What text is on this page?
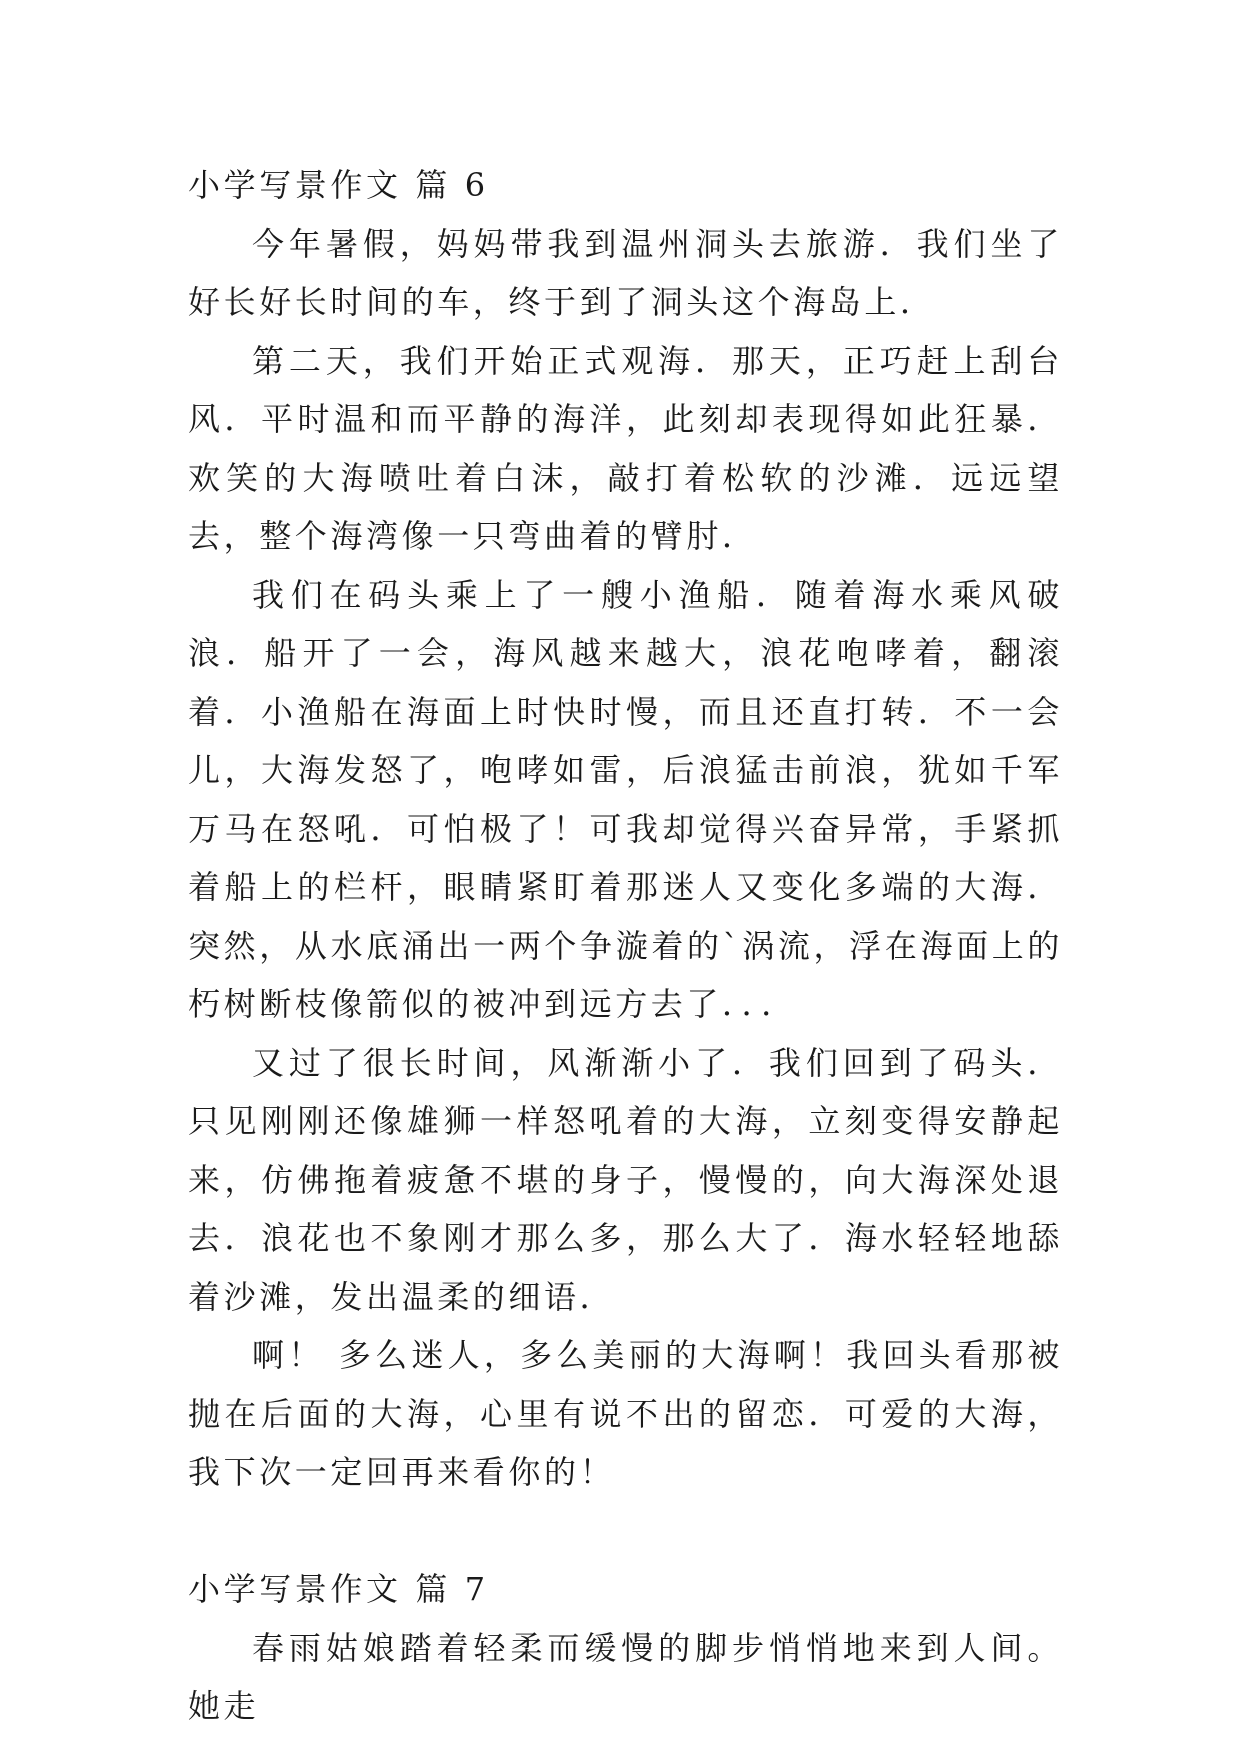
小学写景作文 篇 6

今年暑假，妈妈带我到温州洞头去旅游．我们坐了好长好长时间的车，终于到了洞头这个海岛上．

第二天，我们开始正式观海．那天，正巧赶上刮台风．平时温和而平静的海洋，此刻却表现得如此狂暴．欢笑的大海喷吐着白沫，敲打着松软的沙滩．远远望去，整个海湾像一只弯曲着的臂肘．

我们在码头乘上了一艘小渔船．随着海水乘风破浪．船开了一会，海风越来越大，浪花咆哮着，翻滚着．小渔船在海面上时快时慢，而且还直打转．不一会儿，大海发怒了，咆哮如雷，后浪猛击前浪，犹如千军万马在怒吼．可怕极了！可我却觉得兴奋异常，手紧抓着船上的栏杆，眼睛紧盯着那迷人又变化多端的大海．突然，从水底涌出一两个争漩着的`涡流，浮在海面上的朽树断枝像箭似的被冲到远方去了．．．

又过了很长时间，风渐渐小了．我们回到了码头．只见刚刚还像雄狮一样怒吼着的大海，立刻变得安静起来，仿佛拖着疲惫不堪的身子，慢慢的，向大海深处退去．浪花也不象刚才那么多，那么大了．海水轻轻地舔着沙滩，发出温柔的细语．

啊！ 多么迷人，多么美丽的大海啊！我回头看那被抛在后面的大海，心里有说不出的留恋．可爱的大海，我下次一定回再来看你的！

小学写景作文 篇 7

春雨姑娘踏着轻柔而缓慢的脚步悄悄地来到人间。她走
